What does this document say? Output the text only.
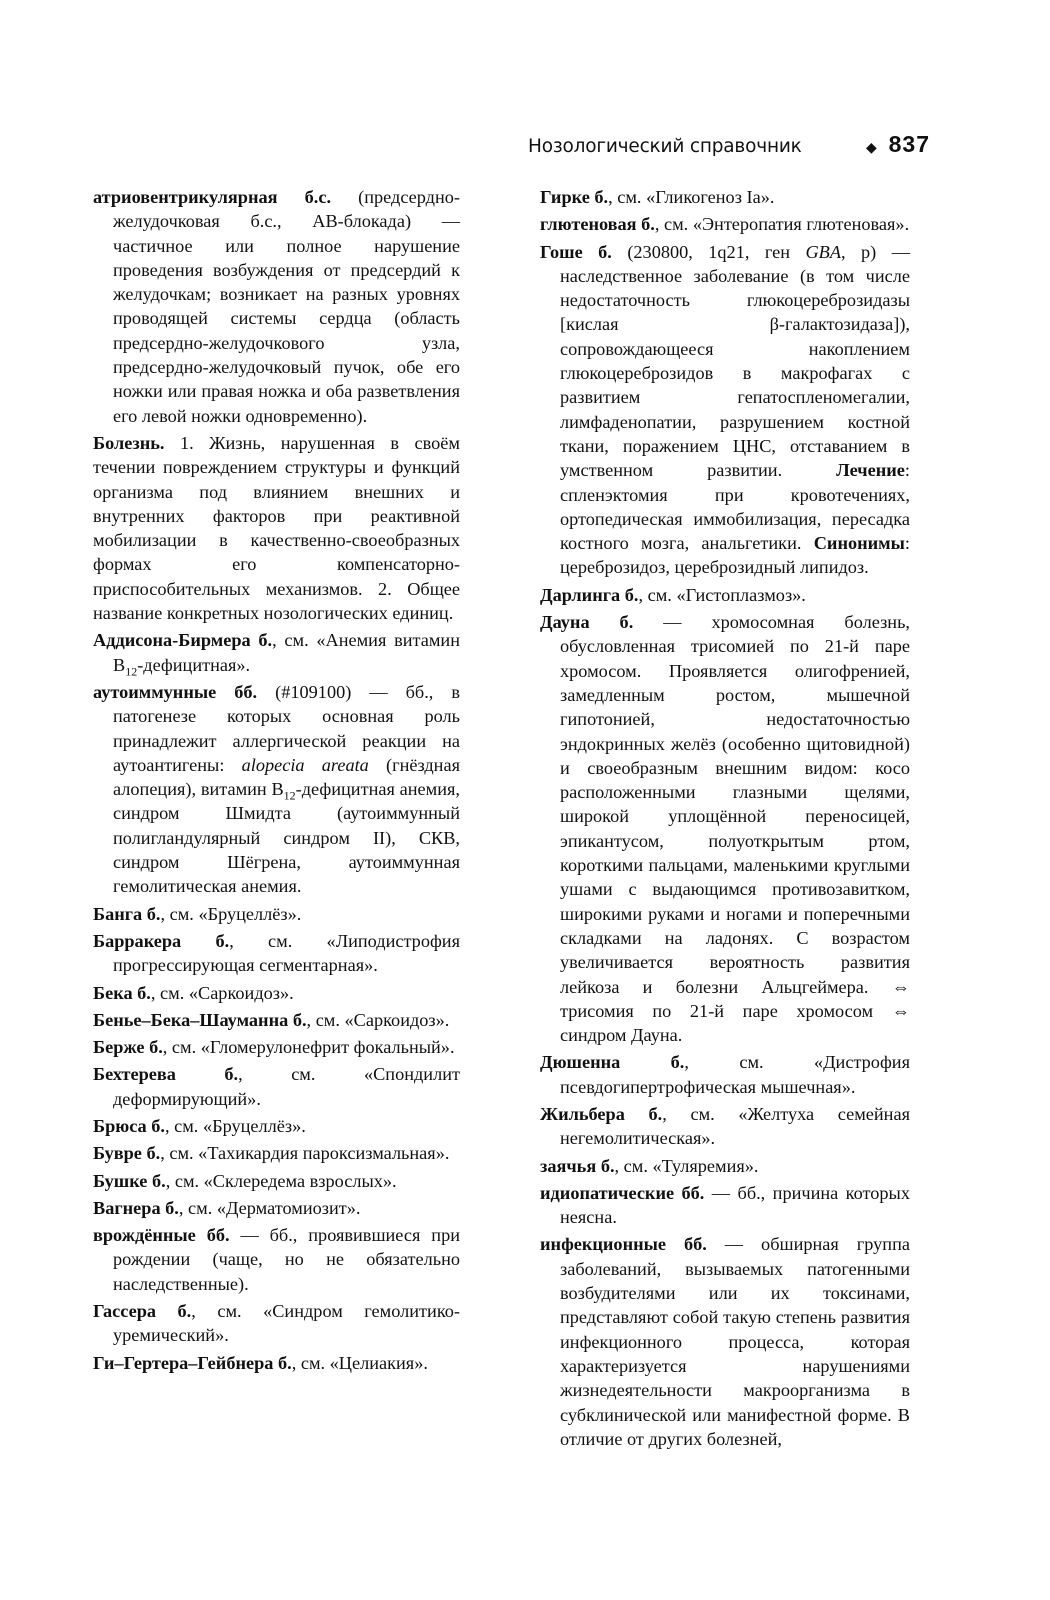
Нозологический справочник	◆ 837

атриовентрикулярная б.с. (предсердно-желудочковая б.с., АВ-блокада) — частичное или полное нарушение проведения возбуждения от предсердий к желудочкам; возникает на разных уровнях проводящей системы сердца (область предсердно-желудочкового узла, предсердно-желудочковый пучок, обе его ножки или правая ножка и оба разветвления его левой ножки одновременно).

Болезнь. 1. Жизнь, нарушенная в своём течении повреждением структуры и функций организма под влиянием внешних и внутренних факторов при реактивной мобилизации в качественно-своеобразных формах его компенсаторно-приспособительных механизмов. 2. Общее название конкретных нозологических единиц.

Аддисона-Бирмера б., см. «Анемия витамин $В_{12}$-дефицитная».

аутоиммунные бб. (#109100) — бб., в патогенезе которых основная роль принадлежит аллергической реакции на аутоантигены: alopecia areata (гнёздная алопеция), витамин $В_{12}$-дефицитная анемия, синдром Шмидта (аутоиммунный полигландулярный синдром II), СКВ, синдром Шёгрена, аутоиммунная гемолитическая анемия.

Банга б., см. «Бруцеллёз».

Барракера б., см. «Липодистрофия прогрессирующая сегментарная».

Бека б., см. «Саркоидоз».

Бенье–Бека–Шауманна б., см. «Саркоидоз».

Берже б., см. «Гломерулонефрит фокальный».

Бехтерева б., см. «Спондилит деформирующий».

Брюса б., см. «Бруцеллёз».

Бувре б., см. «Тахикардия пароксизмальная».

Бушке б., см. «Склередема взрослых».

Вагнера б., см. «Дерматомиозит».

врождённые бб. — бб., проявившиеся при рождении (чаще, но не обязательно наследственные).

Гассера б., см. «Синдром гемолитико-уремический».

Ги–Гертера–Гейбнера б., см. «Целиакия».

Гирке б., см. «Гликогеноз Iа».

глютеновая б., см. «Энтеропатия глютеновая».

Гоше б. (230800, 1q21, ген GBA, р) — наследственное заболевание (в том числе недостаточность глюкоцереброзидазы [кислая β-галактозидаза]), сопровождающееся накоплением глюкоцереброзидов в макрофагах с развитием гепатоспленомегалии, лимфаденопатии, разрушением костной ткани, поражением ЦНС, отставанием в умственном развитии. Лечение: спленэктомия при кровотечениях, ортопедическая иммобилизация, пересадка костного мозга, анальгетики. Синонимы: цереброзидоз, цереброзидный липидоз.

Дарлинга б., см. «Гистоплазмоз».

Дауна б. — хромосомная болезнь, обусловленная трисомией по 21-й паре хромосом. Проявляется олигофренией, замедленным ростом, мышечной гипотонией, недостаточностью эндокринных желёз (особенно щитовидной) и своеобразным внешним видом: косо расположенными глазными щелями, широкой уплощённой переносицей, эпикантусом, полуоткрытым ртом, короткими пальцами, маленькими круглыми ушами с выдающимся противозавитком, широкими руками и ногами и поперечными складками на ладонях. С возрастом увеличивается вероятность развития лейкоза и болезни Альцгеймера. ⇔ трисомия по 21-й паре хромосом ⇔ синдром Дауна.

Дюшенна б., см. «Дистрофия псевдогипертрофическая мышечная».

Жильбера б., см. «Желтуха семейная негемолитическая».

заячья б., см. «Туляремия».

идиопатические бб. — бб., причина которых неясна.

инфекционные бб. — обширная группа заболеваний, вызываемых патогенными возбудителями или их токсинами, представляют собой такую степень развития инфекционного процесса, которая характеризуется нарушениями жизнедеятельности макроорганизма в субклинической или манифестной форме. В отличие от других болезней,
